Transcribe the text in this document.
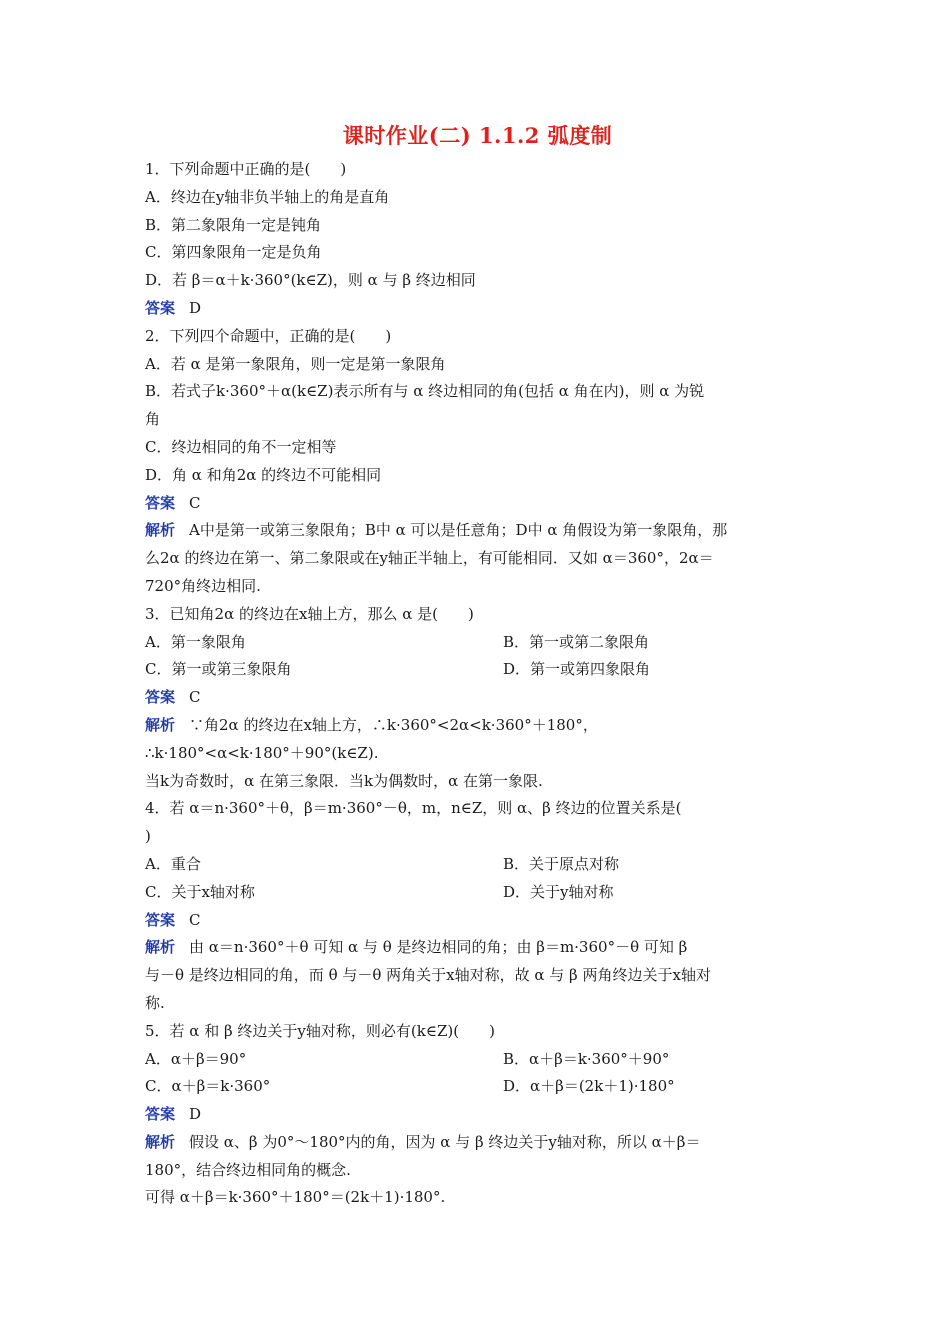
课时作业(二) 1.1.2 弧度制
1．下列命题中正确的是(　　)
A．终边在y轴非负半轴上的角是直角
B．第二象限角一定是钝角
C．第四象限角一定是负角
D．若 β＝α＋k·360°(k∈Z)，则 α 与 β 终边相同
答案 D
2．下列四个命题中，正确的是(　　)
A．若 α 是第一象限角，则一定是第一象限角
B．若式子k·360°＋α(k∈Z)表示所有与 α 终边相同的角(包括 α 角在内)，则 α 为锐
角
C．终边相同的角不一定相等
D．角 α 和角2α 的终边不可能相同
答案 C
解析 A中是第一或第三象限角；B中 α 可以是任意角；D中 α 角假设为第一象限角，那
么2α 的终边在第一、第二象限或在y轴正半轴上，有可能相同．又如 α＝360°，2α＝
720°角终边相同.
3．已知角2α 的终边在x轴上方，那么 α 是(　　)
A．第一象限角	B．第一或第二象限角
C．第一或第三象限角	D．第一或第四象限角
答案 C
解析 ∵角2α 的终边在x轴上方，∴k·360°<2α<k·360°＋180°，
∴k·180°<α<k·180°＋90°(k∈Z).
当k为奇数时，α 在第三象限．当k为偶数时，α 在第一象限.
4．若 α＝n·360°＋θ，β＝m·360°－θ，m，n∈Z，则 α、β 终边的位置关系是(
)
A．重合	B．关于原点对称
C．关于x轴对称	D．关于y轴对称
答案 C
解析 由 α＝n·360°＋θ 可知 α 与 θ 是终边相同的角；由 β＝m·360°－θ 可知 β
与－θ 是终边相同的角，而 θ 与－θ 两角关于x轴对称，故 α 与 β 两角终边关于x轴对
称.
5．若 α 和 β 终边关于y轴对称，则必有(k∈Z)(　　)
A．α＋β＝90°	B．α＋β＝k·360°＋90°
C．α＋β＝k·360°	D．α＋β＝(2k＋1)·180°
答案 D
解析 假设 α、β 为0°～180°内的角，因为 α 与 β 终边关于y轴对称，所以 α＋β＝
180°，结合终边相同角的概念.
可得 α＋β＝k·360°＋180°＝(2k＋1)·180°.
